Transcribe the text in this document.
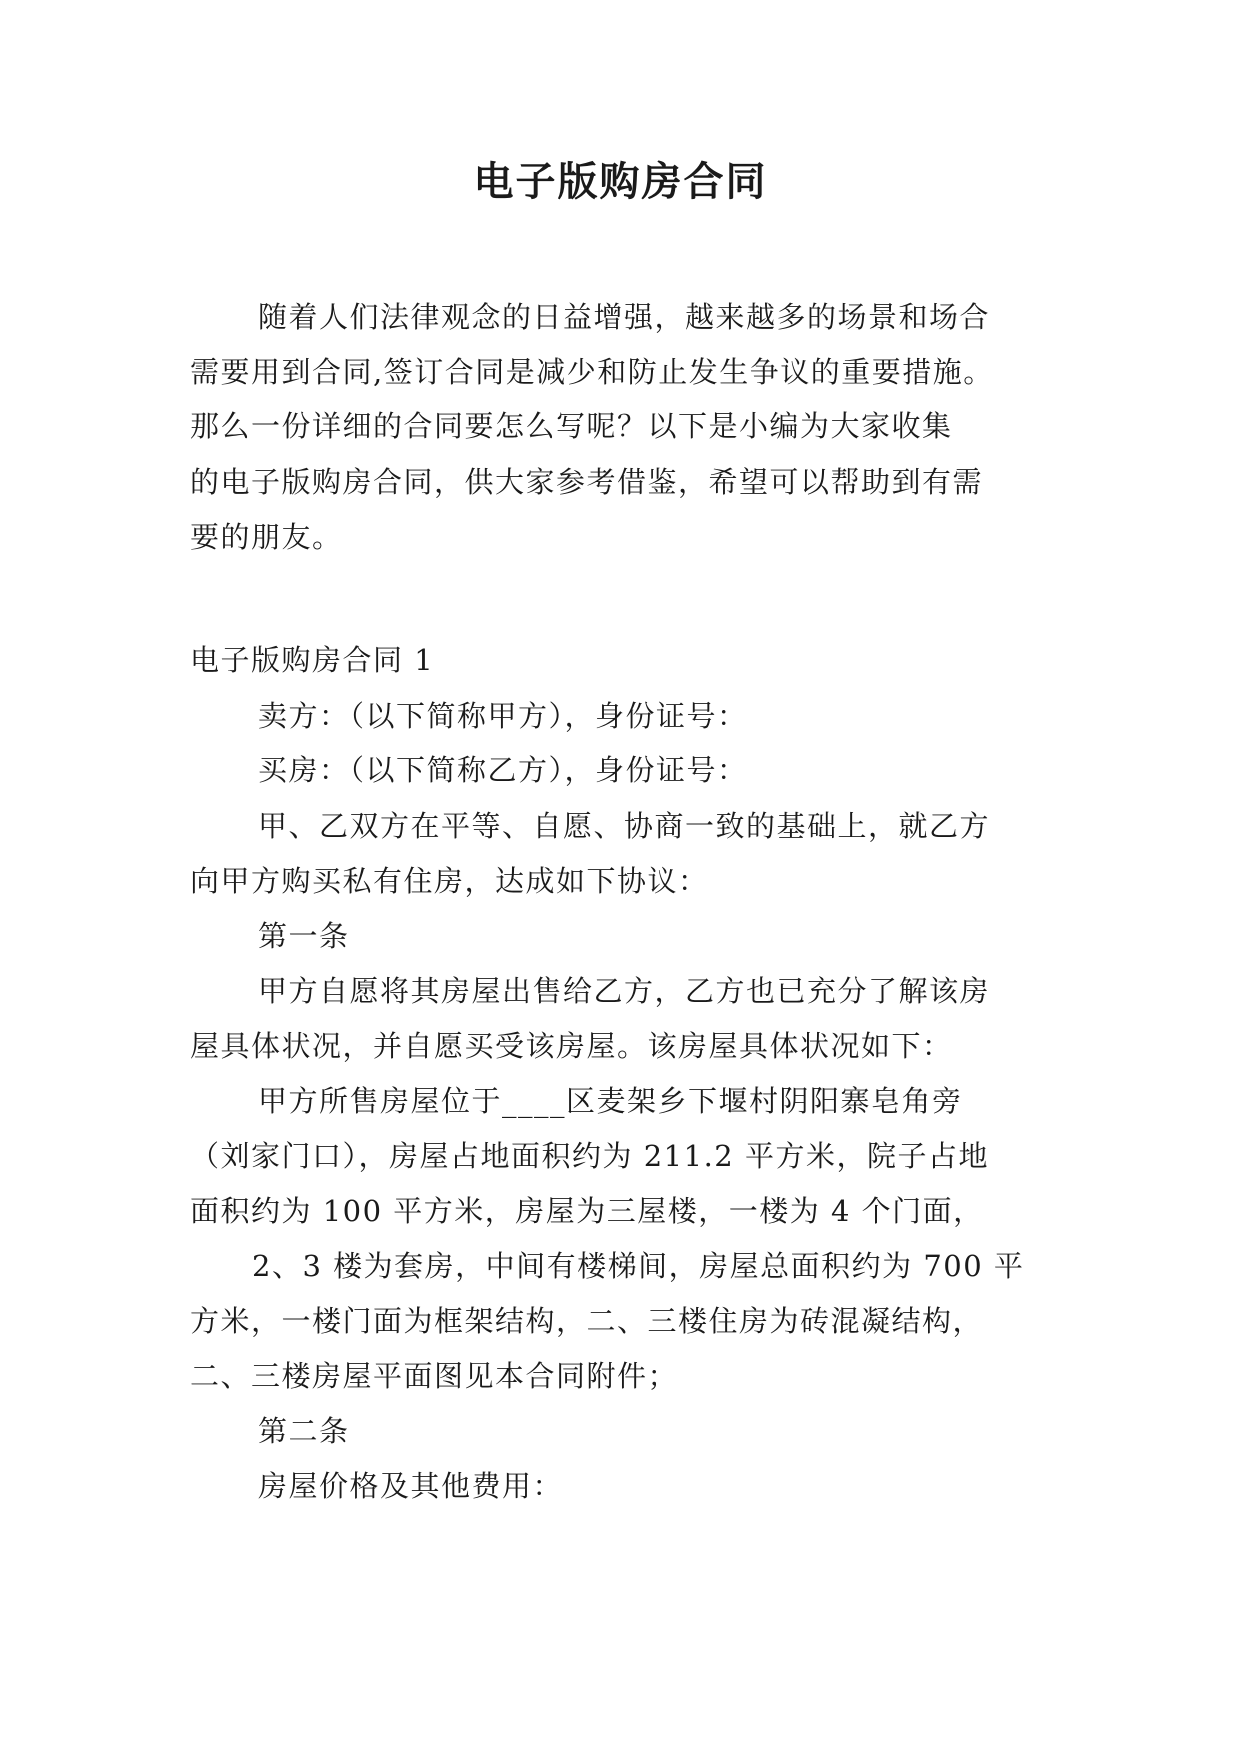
电子版购房合同
随着人们法律观念的日益增强，越来越多的场景和场合
需要用到合同,签订合同是减少和防止发生争议的重要措施。
那么一份详细的合同要怎么写呢？以下是小编为大家收集
的电子版购房合同，供大家参考借鉴，希望可以帮助到有需
要的朋友。
电子版购房合同 1
卖方：（以下简称甲方），身份证号：
买房：（以下简称乙方），身份证号：
甲、乙双方在平等、自愿、协商一致的基础上，就乙方
向甲方购买私有住房，达成如下协议：
第一条
甲方自愿将其房屋出售给乙方，乙方也已充分了解该房
屋具体状况，并自愿买受该房屋。该房屋具体状况如下：
甲方所售房屋位于____区麦架乡下堰村阴阳寨皂角旁
（刘家门口），房屋占地面积约为 211.2 平方米，院子占地
面积约为 100 平方米，房屋为三屋楼，一楼为 4 个门面，
2、3 楼为套房，中间有楼梯间，房屋总面积约为 700 平
方米，一楼门面为框架结构，二、三楼住房为砖混凝结构，
二、三楼房屋平面图见本合同附件；
第二条
房屋价格及其他费用：
